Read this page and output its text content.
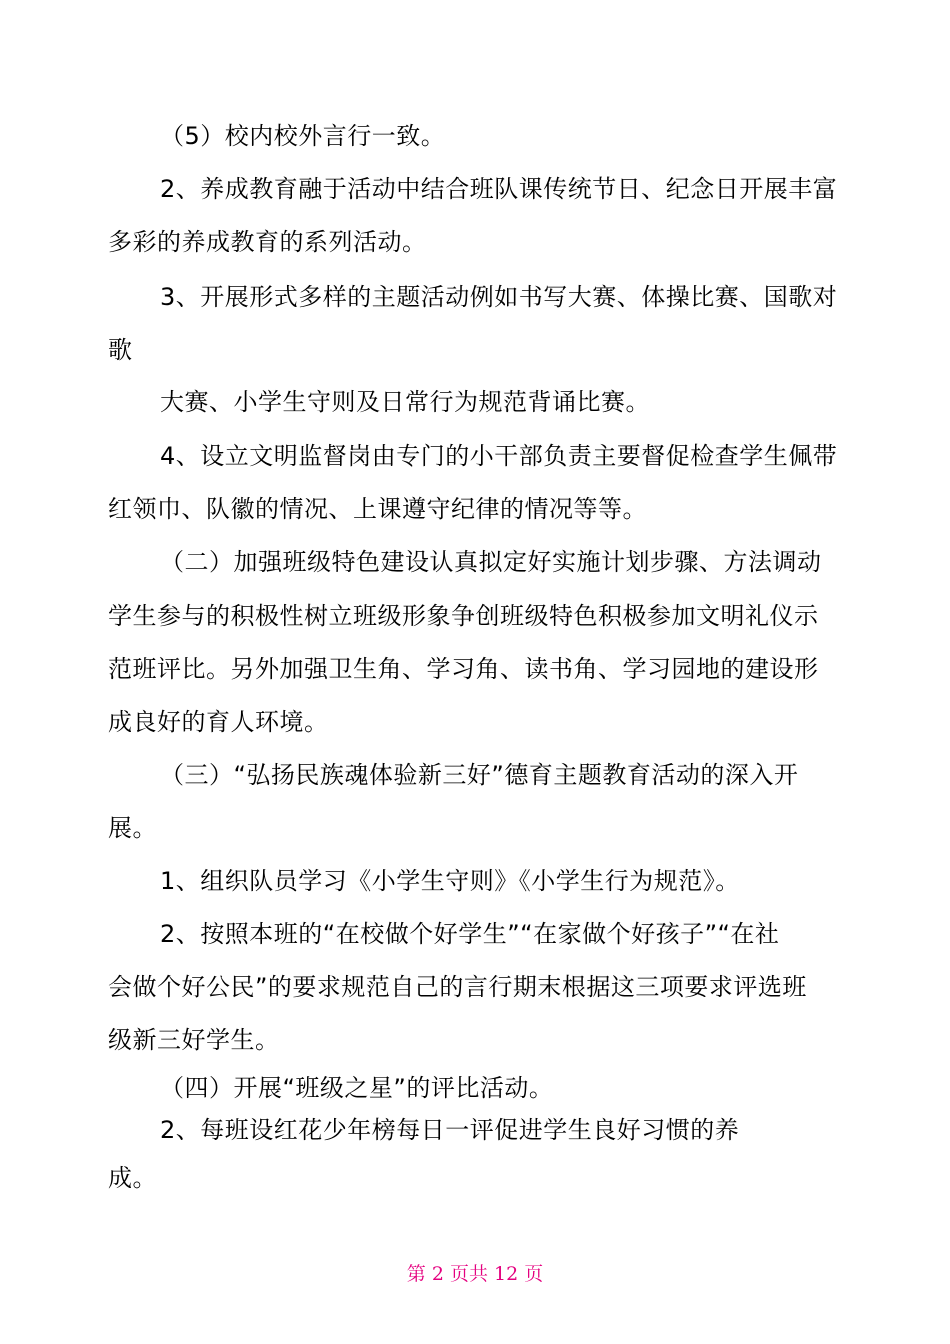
（5）校内校外言行一致。
2、养成教育融于活动中结合班队课传统节日、纪念日开展丰富
多彩的养成教育的系列活动。
3、开展形式多样的主题活动例如书写大赛、体操比赛、国歌对
歌
大赛、小学生守则及日常行为规范背诵比赛。
4、设立文明监督岗由专门的小干部负责主要督促检查学生佩带
红领巾、队徽的情况、上课遵守纪律的情况等等。
（二）加强班级特色建设认真拟定好实施计划步骤、方法调动
学生参与的积极性树立班级形象争创班级特色积极参加文明礼仪示
范班评比。另外加强卫生角、学习角、读书角、学习园地的建设形
成良好的育人环境。
（三）“弘扬民族魂体验新三好”德育主题教育活动的深入开
展。
1、组织队员学习《小学生守则》《小学生行为规范》。
2、按照本班的“在校做个好学生”“在家做个好孩子”“在社
会做个好公民”的要求规范自己的言行期末根据这三项要求评选班
级新三好学生。
（四）开展“班级之星”的评比活动。
2、每班设红花少年榜每日一评促进学生良好习惯的养
成。
第 2 页共 12 页
